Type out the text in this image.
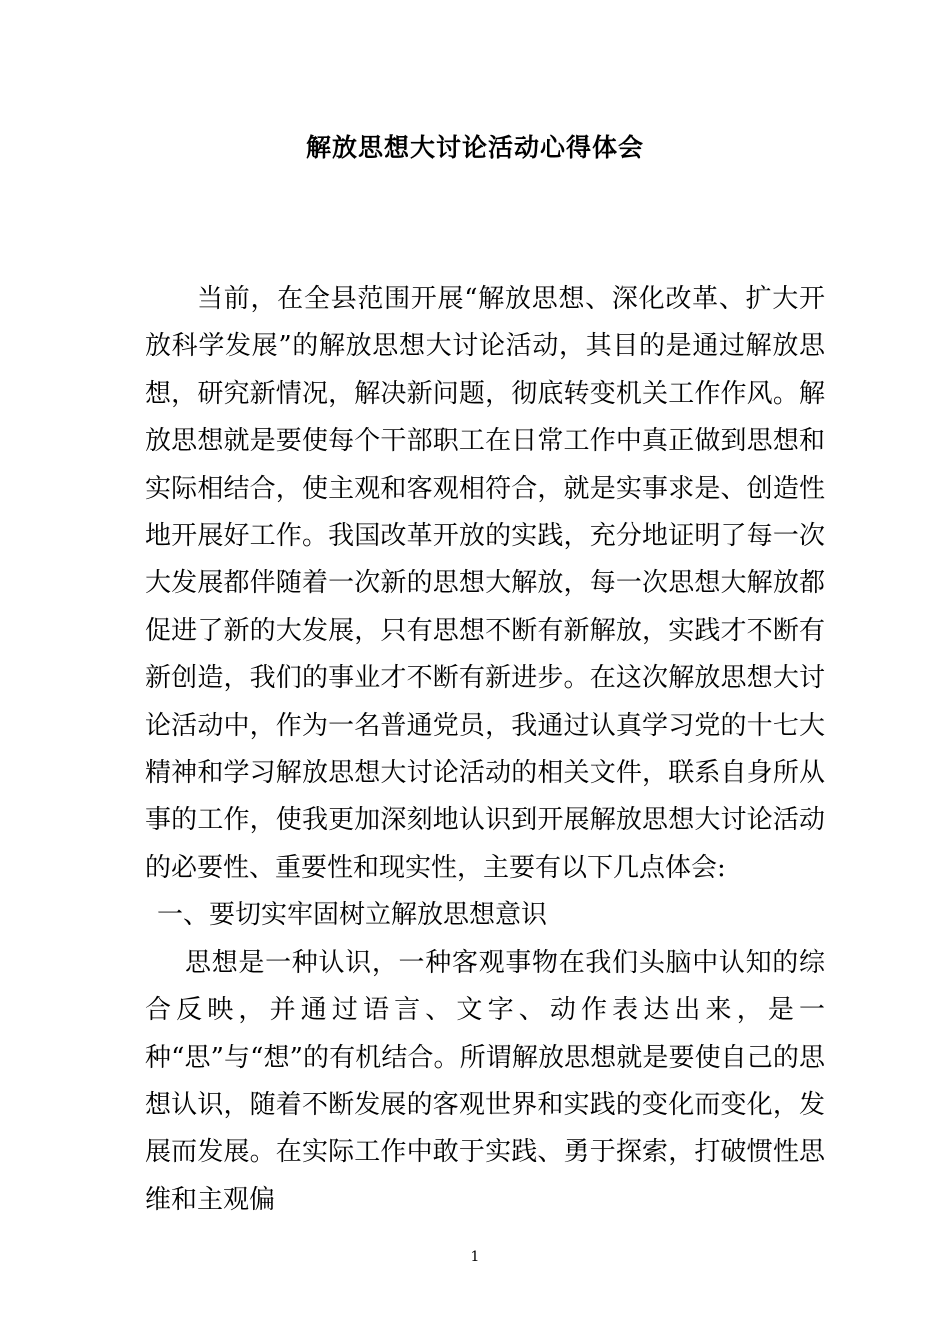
解放思想大讨论活动心得体会

当前，在全县范围开展“解放思想、深化改革、扩大开放科学发展”的解放思想大讨论活动，其目的是通过解放思想，研究新情况，解决新问题，彻底转变机关工作作风。解放思想就是要使每个干部职工在日常工作中真正做到思想和实际相结合，使主观和客观相符合，就是实事求是、创造性地开展好工作。我国改革开放的实践，充分地证明了每一次大发展都伴随着一次新的思想大解放，每一次思想大解放都促进了新的大发展，只有思想不断有新解放，实践才不断有新创造，我们的事业才不断有新进步。在这次解放思想大讨论活动中，作为一名普通党员，我通过认真学习党的十七大精神和学习解放思想大讨论活动的相关文件，联系自身所从事的工作，使我更加深刻地认识到开展解放思想大讨论活动的必要性、重要性和现实性，主要有以下几点体会:

一、要切实牢固树立解放思想意识

思想是一种认识，一种客观事物在我们头脑中认知的综合反映，并通过语言、文字、动作表达出来，是一种“思”与“想”的有机结合。所谓解放思想就是要使自己的思想认识，随着不断发展的客观世界和实践的变化而变化，发展而发展。在实际工作中敢于实践、勇于探索，打破惯性思维和主观偏

1
